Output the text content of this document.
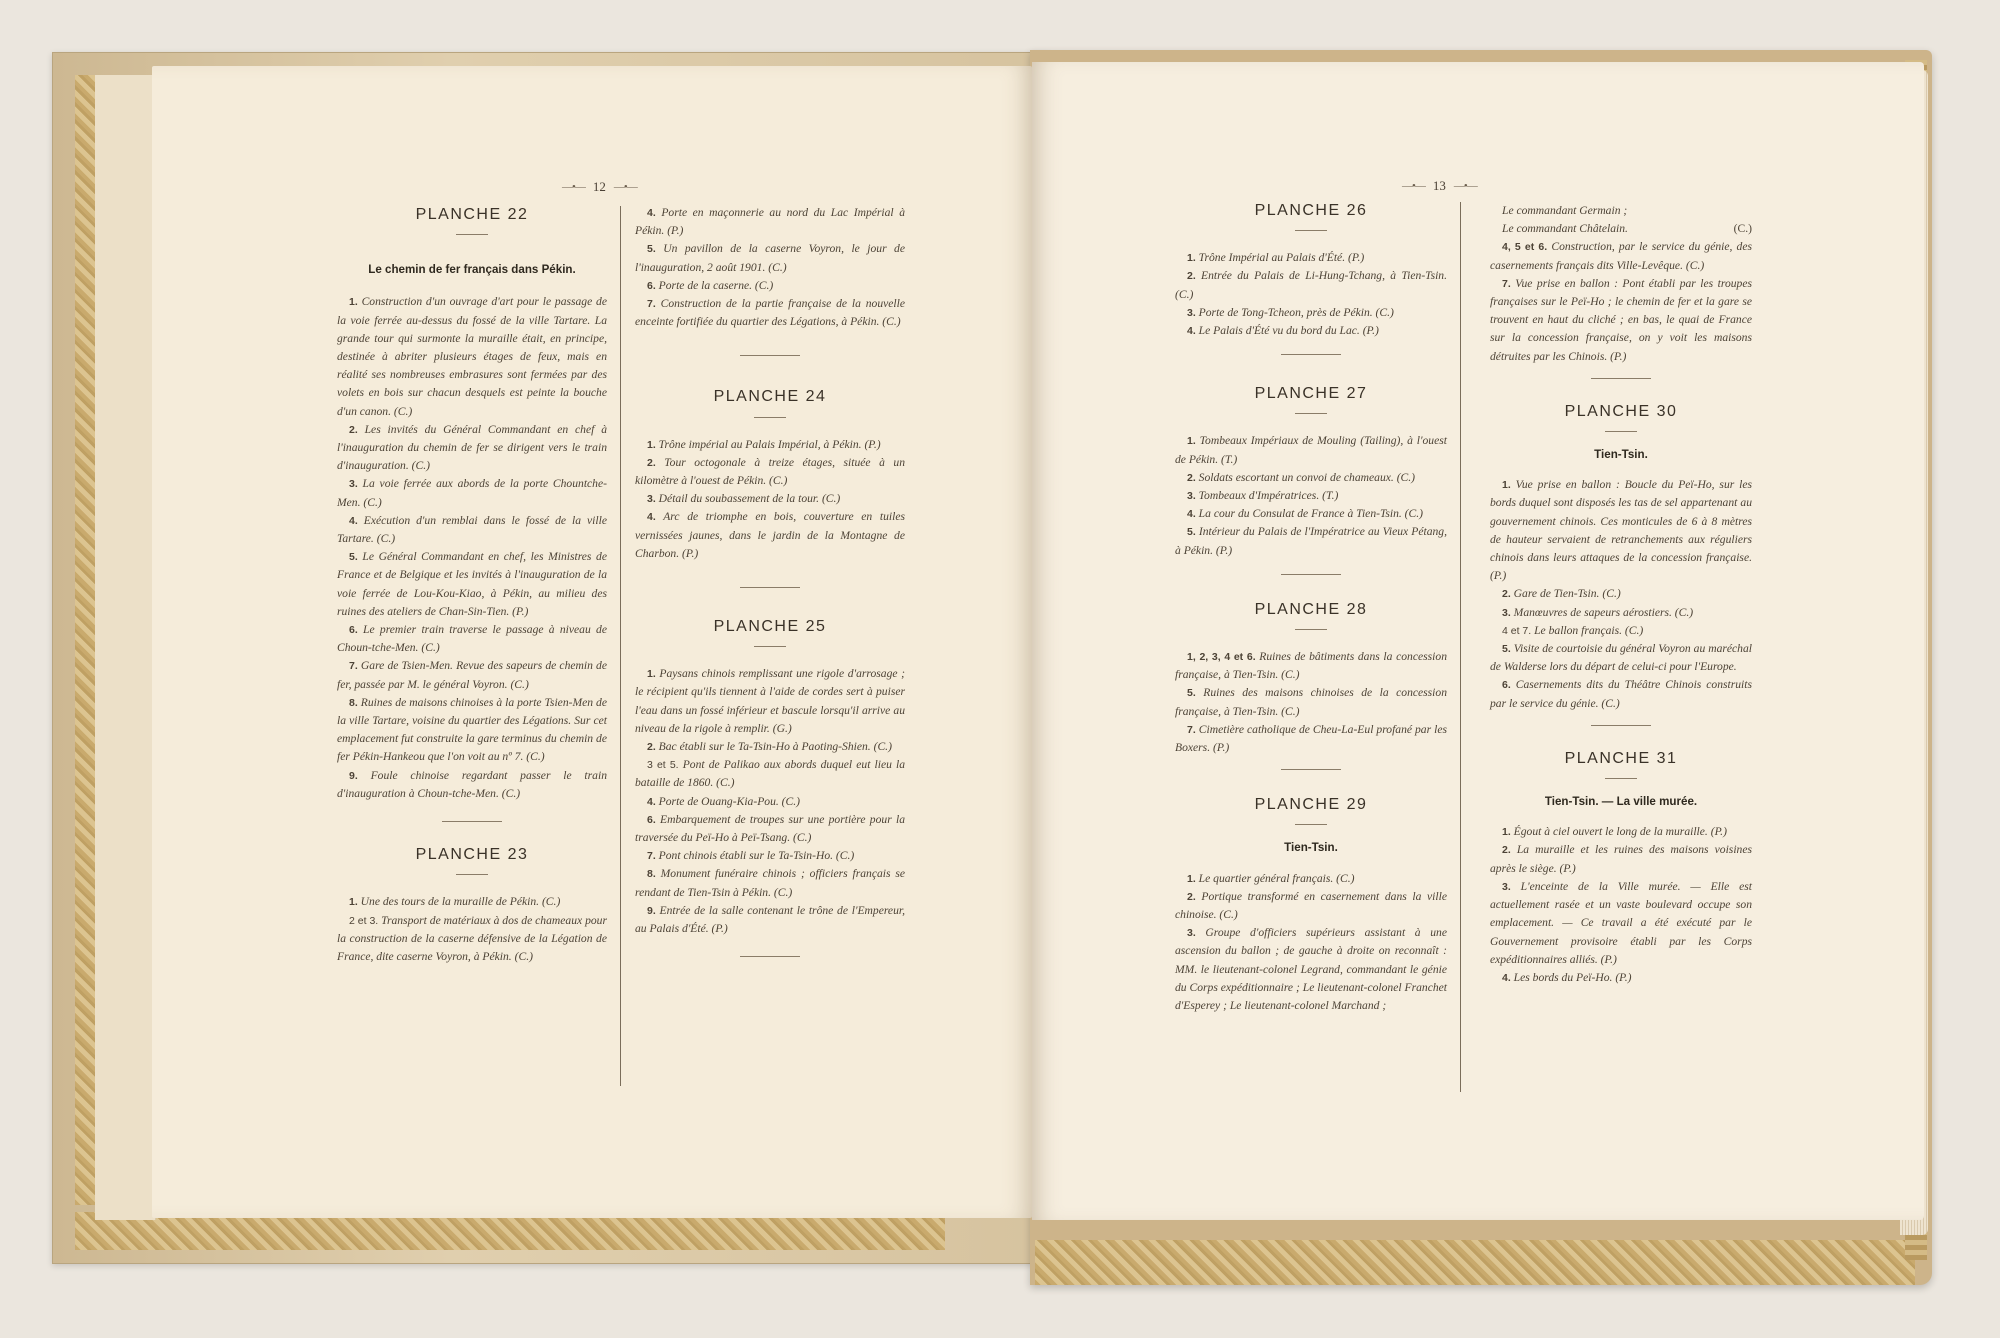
—•— 12 —•—

PLANCHE 22

Le chemin de fer français dans Pékin.

1. Construction d'un ouvrage d'art pour le passage de la voie ferrée au-dessus du fossé de la ville Tartare. La grande tour qui surmonte la muraille était, en principe, destinée à abriter plusieurs étages de feux, mais en réalité ses nombreuses embrasures sont fermées par des volets en bois sur chacun desquels est peinte la bouche d'un canon. (C.)

2. Les invités du Général Commandant en chef à l'inauguration du chemin de fer se dirigent vers le train d'inauguration. (C.)

3. La voie ferrée aux abords de la porte Chountche-Men. (C.)

4. Exécution d'un remblai dans le fossé de la ville Tartare. (C.)

5. Le Général Commandant en chef, les Ministres de France et de Belgique et les invités à l'inauguration de la voie ferrée de Lou-Kou-Kiao, à Pékin, au milieu des ruines des ateliers de Chan-Sin-Tien. (P.)

6. Le premier train traverse le passage à niveau de Choun-tche-Men. (C.)

7. Gare de Tsien-Men. Revue des sapeurs de chemin de fer, passée par M. le général Voyron. (C.)

8. Ruines de maisons chinoises à la porte Tsien-Men de la ville Tartare, voisine du quartier des Légations. Sur cet emplacement fut construite la gare terminus du chemin de fer Pékin-Hankeou que l'on voit au nº 7. (C.)

9. Foule chinoise regardant passer le train d'inauguration à Choun-tche-Men. (C.)

PLANCHE 23

1. Une des tours de la muraille de Pékin. (C.)

2 et 3. Transport de matériaux à dos de chameaux pour la construction de la caserne défensive de la Légation de France, dite caserne Voyron, à Pékin. (C.)

4. Porte en maçonnerie au nord du Lac Impérial à Pékin. (P.)

5. Un pavillon de la caserne Voyron, le jour de l'inauguration, 2 août 1901. (C.)

6. Porte de la caserne. (C.)

7. Construction de la partie française de la nouvelle enceinte fortifiée du quartier des Légations, à Pékin. (C.)

PLANCHE 24

1. Trône impérial au Palais Impérial, à Pékin. (P.)

2. Tour octogonale à treize étages, située à un kilomètre à l'ouest de Pékin. (C.)

3. Détail du soubassement de la tour. (C.)

4. Arc de triomphe en bois, couverture en tuiles vernissées jaunes, dans le jardin de la Montagne de Charbon. (P.)

PLANCHE 25

1. Paysans chinois remplissant une rigole d'arrosage ; le récipient qu'ils tiennent à l'aide de cordes sert à puiser l'eau dans un fossé inférieur et bascule lorsqu'il arrive au niveau de la rigole à remplir. (G.)

2. Bac établi sur le Ta-Tsin-Ho à Paoting-Shien. (C.)

3 et 5. Pont de Palikao aux abords duquel eut lieu la bataille de 1860. (C.)

4. Porte de Ouang-Kia-Pou. (C.)

6. Embarquement de troupes sur une portière pour la traversée du Peï-Ho à Peï-Tsang. (C.)

7. Pont chinois établi sur le Ta-Tsin-Ho. (C.)

8. Monument funéraire chinois ; officiers français se rendant de Tien-Tsin à Pékin. (C.)

9. Entrée de la salle contenant le trône de l'Empereur, au Palais d'Été. (P.)

—•— 13 —•—

PLANCHE 26

1. Trône Impérial au Palais d'Été. (P.)

2. Entrée du Palais de Li-Hung-Tchang, à Tien-Tsin. (C.)

3. Porte de Tong-Tcheon, près de Pékin. (C.)

4. Le Palais d'Été vu du bord du Lac. (P.)

PLANCHE 27

1. Tombeaux Impériaux de Mouling (Tailing), à l'ouest de Pékin. (T.)

2. Soldats escortant un convoi de chameaux. (C.)

3. Tombeaux d'Impératrices. (T.)

4. La cour du Consulat de France à Tien-Tsin. (C.)

5. Intérieur du Palais de l'Impératrice au Vieux Pétang, à Pékin. (P.)

PLANCHE 28

1, 2, 3, 4 et 6. Ruines de bâtiments dans la concession française, à Tien-Tsin. (C.)

5. Ruines des maisons chinoises de la concession française, à Tien-Tsin. (C.)

7. Cimetière catholique de Cheu-La-Eul profané par les Boxers. (P.)

PLANCHE 29

Tien-Tsin.

1. Le quartier général français. (C.)

2. Portique transformé en casernement dans la ville chinoise. (C.)

3. Groupe d'officiers supérieurs assistant à une ascension du ballon ; de gauche à droite on reconnaît : MM. le lieutenant-colonel Legrand, commandant le génie du Corps expéditionnaire ; Le lieutenant-colonel Franchet d'Esperey ; Le lieutenant-colonel Marchand ;

Le commandant Germain ;

Le commandant Châtelain.	(C.)

4, 5 et 6. Construction, par le service du génie, des casernements français dits Ville-Levêque. (C.)

7. Vue prise en ballon : Pont établi par les troupes françaises sur le Peï-Ho ; le chemin de fer et la gare se trouvent en haut du cliché ; en bas, le quai de France sur la concession française, on y voit les maisons détruites par les Chinois. (P.)

PLANCHE 30

Tien-Tsin.

1. Vue prise en ballon : Boucle du Peï-Ho, sur les bords duquel sont disposés les tas de sel appartenant au gouvernement chinois. Ces monticules de 6 à 8 mètres de hauteur servaient de retranchements aux réguliers chinois dans leurs attaques de la concession française. (P.)

2. Gare de Tien-Tsin. (C.)

3. Manœuvres de sapeurs aérostiers. (C.)

4 et 7. Le ballon français. (C.)

5. Visite de courtoisie du général Voyron au maréchal de Walderse lors du départ de celui-ci pour l'Europe.

6. Casernements dits du Théâtre Chinois construits par le service du génie. (C.)

PLANCHE 31

Tien-Tsin. — La ville murée.

1. Égout à ciel ouvert le long de la muraille. (P.)

2. La muraille et les ruines des maisons voisines après le siège. (P.)

3. L'enceinte de la Ville murée. — Elle est actuellement rasée et un vaste boulevard occupe son emplacement. — Ce travail a été exécuté par le Gouvernement provisoire établi par les Corps expéditionnaires alliés. (P.)

4. Les bords du Peï-Ho. (P.)
